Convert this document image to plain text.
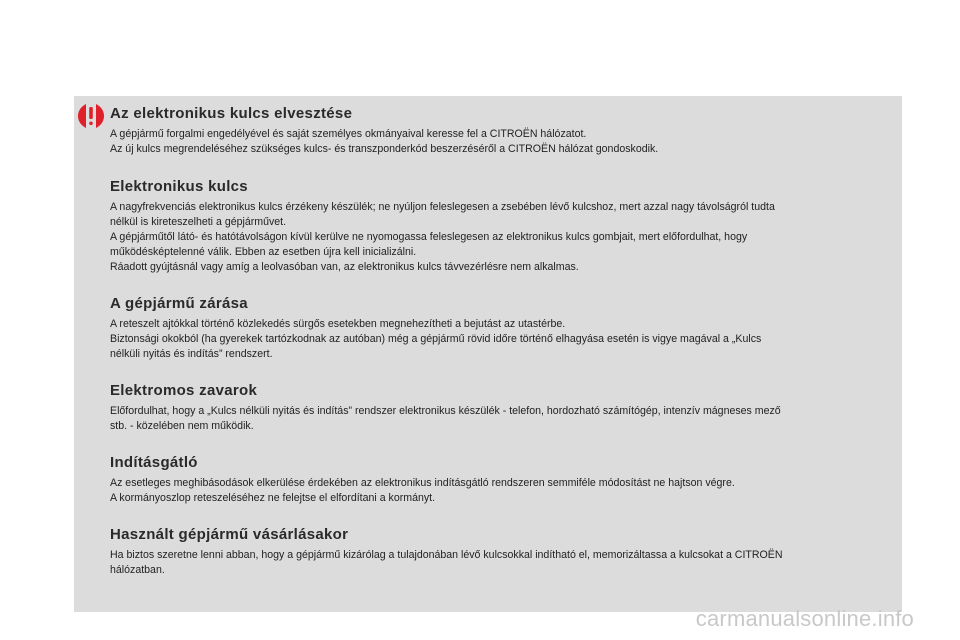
Az elektronikus kulcs elvesztése

A gépjármű forgalmi engedélyével és saját személyes okmányaival keresse fel a CITROËN hálózatot.
Az új kulcs megrendeléséhez szükséges kulcs- és transzponderkód beszerzéséről a CITROËN hálózat gondoskodik.

Elektronikus kulcs

A nagyfrekvenciás elektronikus kulcs érzékeny készülék; ne nyúljon feleslegesen a zsebében lévő kulcshoz, mert azzal nagy távolságról tudta
nélkül is kireteszelheti a gépjárművet.
A gépjárműtől látó- és hatótávolságon kívül kerülve ne nyomogassa feleslegesen az elektronikus kulcs gombjait, mert előfordulhat, hogy
működésképtelenné válik. Ebben az esetben újra kell inicializálni.
Ráadott gyújtásnál vagy amíg a leolvasóban van, az elektronikus kulcs távvezérlésre nem alkalmas.

A gépjármű zárása

A reteszelt ajtókkal történő közlekedés sürgős esetekben megnehezítheti a bejutást az utastérbe.
Biztonsági okokból (ha gyerekek tartózkodnak az autóban) még a gépjármű rövid időre történő elhagyása esetén is vigye magával a „Kulcs
nélküli nyitás és indítás” rendszert.

Elektromos zavarok

Előfordulhat, hogy a „Kulcs nélküli nyitás és indítás” rendszer elektronikus készülék - telefon, hordozható számítógép, intenzív mágneses mező
stb. - közelében nem működik.

Indításgátló

Az esetleges meghibásodások elkerülése érdekében az elektronikus indításgátló rendszeren semmiféle módosítást ne hajtson végre.
A kormányoszlop reteszeléséhez ne felejtse el elfordítani a kormányt.

Használt gépjármű vásárlásakor

Ha biztos szeretne lenni abban, hogy a gépjármű kizárólag a tulajdonában lévő kulcsokkal indítható el, memorizáltassa a kulcsokat a CITROËN
hálózatban.

carmanualsonline.info
